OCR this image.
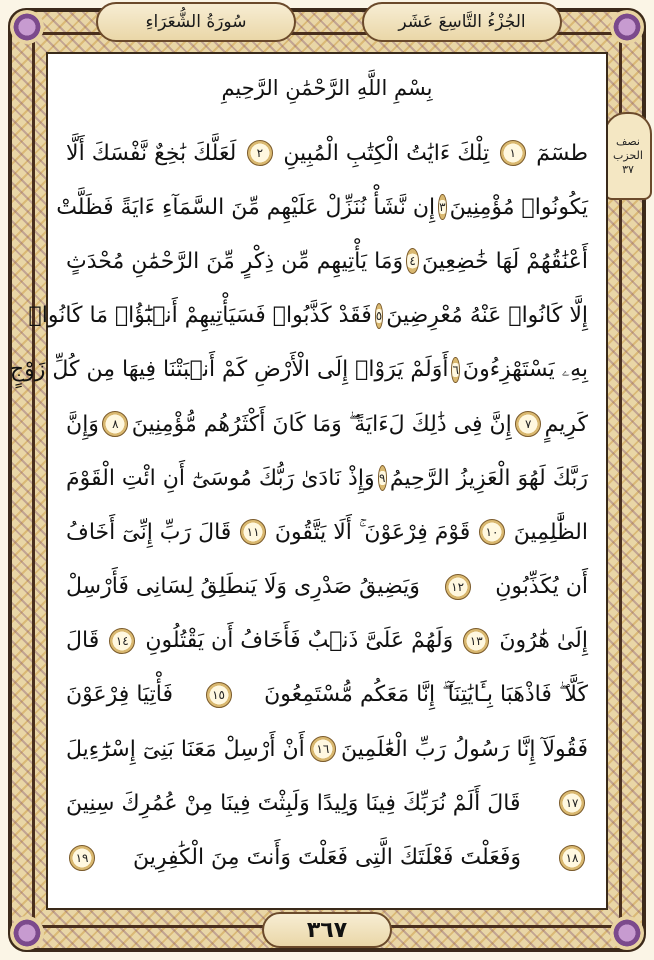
الجُزْءُ التَّاسِعَ عَشَر
سُورَةُ الشُّعَرَاءِ
نصف
الحزب
٣٧
بِسْمِ اللَّهِ الرَّحْمَٰنِ الرَّحِيمِ
طسٓمٓ
١
تِلْكَ ءَايَٰتُ الْكِتَٰبِ الْمُبِينِ
٢
لَعَلَّكَ بَٰخِعٌ نَّفْسَكَ أَلَّا
يَكُونُوا۟ مُؤْمِنِينَ
٣
إِن نَّشَأْ نُنَزِّلْ عَلَيْهِم مِّنَ السَّمَآءِ ءَايَةً فَظَلَّتْ
أَعْنَٰقُهُمْ لَهَا خَٰضِعِينَ
٤
وَمَا يَأْتِيهِم مِّن ذِكْرٍ مِّنَ الرَّحْمَٰنِ مُحْدَثٍ
إِلَّا كَانُوا۟ عَنْهُ مُعْرِضِينَ
٥
فَقَدْ كَذَّبُوا۟ فَسَيَأْتِيهِمْ أَنۢبَٰٓؤُا۟ مَا كَانُوا۟
بِهِۦ يَسْتَهْزِءُونَ
٦
أَوَلَمْ يَرَوْا۟ إِلَى الْأَرْضِ كَمْ أَنۢبَتْنَا فِيهَا مِن كُلِّ زَوْجٍ
كَرِيمٍ
٧
إِنَّ فِى ذَٰلِكَ لَءَايَةً ۖ وَمَا كَانَ أَكْثَرُهُم مُّؤْمِنِينَ
٨
وَإِنَّ
رَبَّكَ لَهُوَ الْعَزِيزُ الرَّحِيمُ
٩
وَإِذْ نَادَىٰ رَبُّكَ مُوسَىٰٓ أَنِ ائْتِ الْقَوْمَ
الظَّٰلِمِينَ
١٠
قَوْمَ فِرْعَوْنَ ۚ أَلَا يَتَّقُونَ
١١
قَالَ رَبِّ إِنِّىٓ أَخَافُ
أَن يُكَذِّبُونِ
١٢
وَيَضِيقُ صَدْرِى وَلَا يَنطَلِقُ لِسَانِى فَأَرْسِلْ
إِلَىٰ هَٰرُونَ
١٣
وَلَهُمْ عَلَىَّ ذَنۢبٌ فَأَخَافُ أَن يَقْتُلُونِ
١٤
قَالَ
كَلَّا ۖ فَاذْهَبَا بِـَٔايَٰتِنَآ ۖ إِنَّا مَعَكُم مُّسْتَمِعُونَ
١٥
فَأْتِيَا فِرْعَوْنَ
فَقُولَآ إِنَّا رَسُولُ رَبِّ الْعَٰلَمِينَ
١٦
أَنْ أَرْسِلْ مَعَنَا بَنِىٓ إِسْرَٰٓءِيلَ
١٧
قَالَ أَلَمْ نُرَبِّكَ فِينَا وَلِيدًا وَلَبِثْتَ فِينَا مِنْ عُمُرِكَ سِنِينَ
١٨
وَفَعَلْتَ فَعْلَتَكَ الَّتِى فَعَلْتَ وَأَنتَ مِنَ الْكَٰفِرِينَ
١٩
٣٦٧
